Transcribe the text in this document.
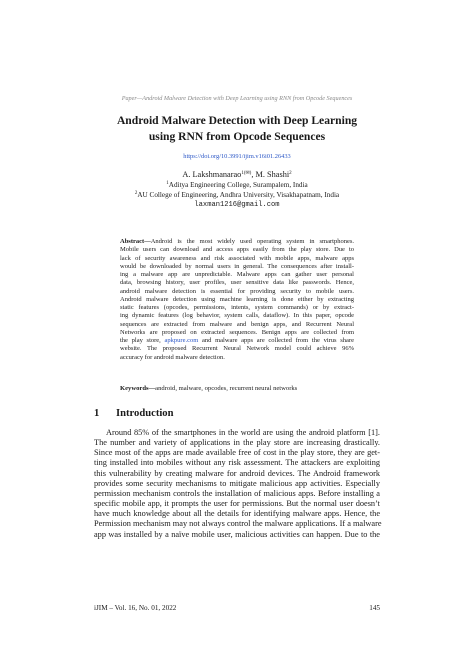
Paper—Android Malware Detection with Deep Learning using RNN from Opcode Sequences
Android Malware Detection with Deep Learning
using RNN from Opcode Sequences
https://doi.org/10.3991/ijim.v16i01.26433
A. Lakshmanarao$^{1(✉)}$, M. Shashi$^2$
$^1$Aditya Engineering College, Surampalem, India
$^2$AU College of Engineering, Andhra University, Visakhapatnam, India
laxman1216@gmail.com
Abstract—Android is the most widely used operating system in smartphones.
Mobile users can download and access apps easily from the play store. Due to
lack of security awareness and risk associated with mobile apps, malware apps
would be downloaded by normal users in general. The consequences after install-
ing a malware app are unpredictable. Malware apps can gather user personal
data, browsing history, user profiles, user sensitive data like passwords. Hence,
android malware detection is essential for providing security to mobile users.
Android malware detection using machine learning is done either by extracting
static features (opcodes, permissions, intents, system commands) or by extract-
ing dynamic features (log behavior, system calls, dataflow). In this paper, opcode
sequences are extracted from malware and benign apps, and Recurrent Neural
Networks are proposed on extracted sequences. Benign apps are collected from
the play store, apkpure.com and malware apps are collected from the virus share
website. The proposed Recurrent Neural Network model could achieve 96%
accuracy for android malware detection.
Keywords—android, malware, opcodes, recurrent neural networks
1 Introduction
Around 85% of the smartphones in the world are using the android platform [1].
The number and variety of applications in the play store are increasing drastically.
Since most of the apps are made available free of cost in the play store, they are get-
ting installed into mobiles without any risk assessment. The attackers are exploiting
this vulnerability by creating malware for android devices. The Android framework
provides some security mechanisms to mitigate malicious app activities. Especially
permission mechanism controls the installation of malicious apps. Before installing a
specific mobile app, it prompts the user for permissions. But the normal user doesn’t
have much knowledge about all the details for identifying malware apps. Hence, the
Permission mechanism may not always control the malware applications. If a malware
app was installed by a naïve mobile user, malicious activities can happen. Due to the
iJIM ‒ Vol. 16, No. 01, 2022	145
